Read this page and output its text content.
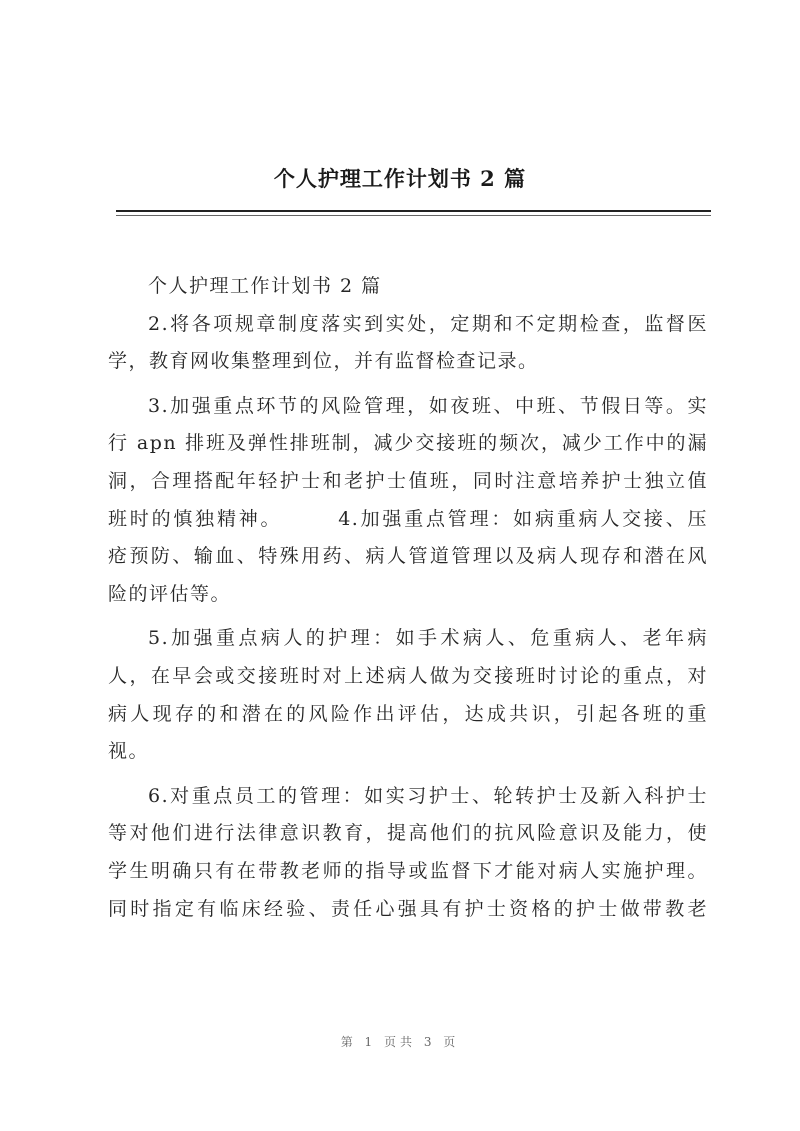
个人护理工作计划书 2 篇
个人护理工作计划书 2 篇
2.将各项规章制度落实到实处，定期和不定期检查，监督医
学，教育网收集整理到位，并有监督检查记录。
3.加强重点环节的风险管理，如夜班、中班、节假日等。实
行 apn 排班及弹性排班制，减少交接班的频次，减少工作中的漏
洞，合理搭配年轻护士和老护士值班，同时注意培养护士独立值
班时的慎独精神。　　　4.加强重点管理：如病重病人交接、压
疮预防、输血、特殊用药、病人管道管理以及病人现存和潜在风
险的评估等。
5.加强重点病人的护理：如手术病人、危重病人、老年病
人，在早会或交接班时对上述病人做为交接班时讨论的重点，对
病人现存的和潜在的风险作出评估，达成共识，引起各班的重
视。
6.对重点员工的管理：如实习护士、轮转护士及新入科护士
等对他们进行法律意识教育，提高他们的抗风险意识及能力，使
学生明确只有在带教老师的指导或监督下才能对病人实施护理。
同时指定有临床经验、责任心强具有护士资格的护士做带教老
第 1 页共 3 页
